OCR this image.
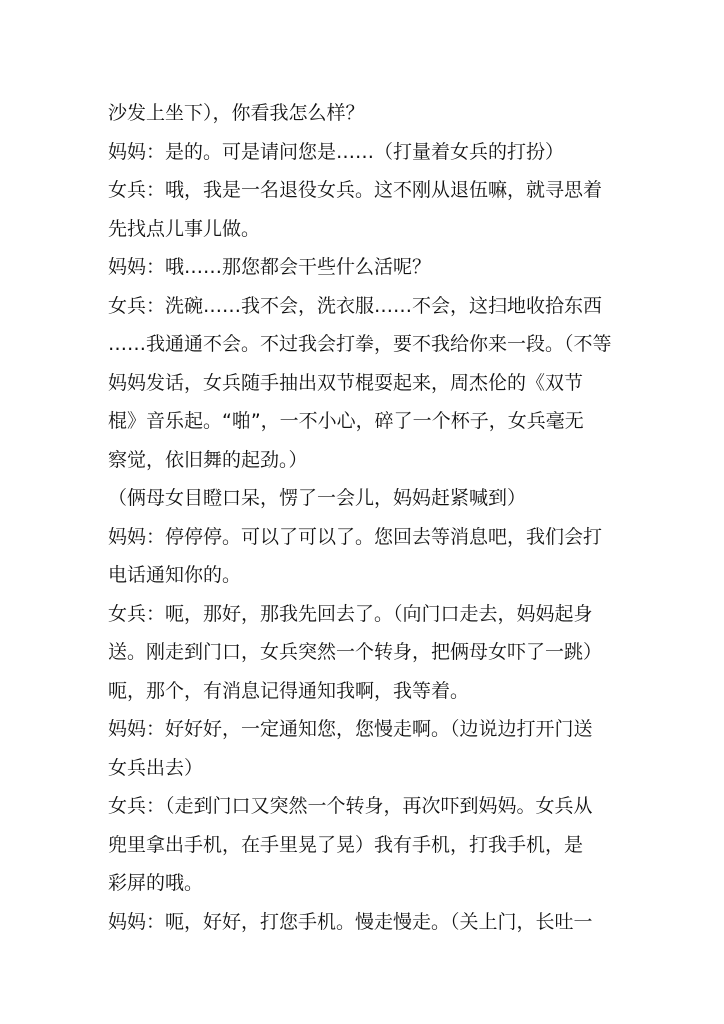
沙发上坐下），你看我怎么样？
妈妈：是的。可是请问您是……（打量着女兵的打扮）
女兵：哦，我是一名退役女兵。这不刚从退伍嘛，就寻思着
先找点儿事儿做。
妈妈：哦……那您都会干些什么活呢？
女兵：洗碗……我不会，洗衣服……不会，这扫地收拾东西
……我通通不会。不过我会打拳，要不我给你来一段。（不等
妈妈发话，女兵随手抽出双节棍耍起来，周杰伦的《双节
棍》音乐起。“啪”，一不小心，碎了一个杯子，女兵毫无
察觉，依旧舞的起劲。）
（俩母女目瞪口呆，愣了一会儿，妈妈赶紧喊到）
妈妈：停停停。可以了可以了。您回去等消息吧，我们会打
电话通知你的。
女兵：呃，那好，那我先回去了。（向门口走去，妈妈起身
送。刚走到门口，女兵突然一个转身，把俩母女吓了一跳）
呃，那个，有消息记得通知我啊，我等着。
妈妈：好好好，一定通知您，您慢走啊。（边说边打开门送
女兵出去）
女兵：（走到门口又突然一个转身，再次吓到妈妈。女兵从
兜里拿出手机，在手里晃了晃）我有手机，打我手机，是
彩屏的哦。
妈妈：呃，好好，打您手机。慢走慢走。（关上门，长吐一
